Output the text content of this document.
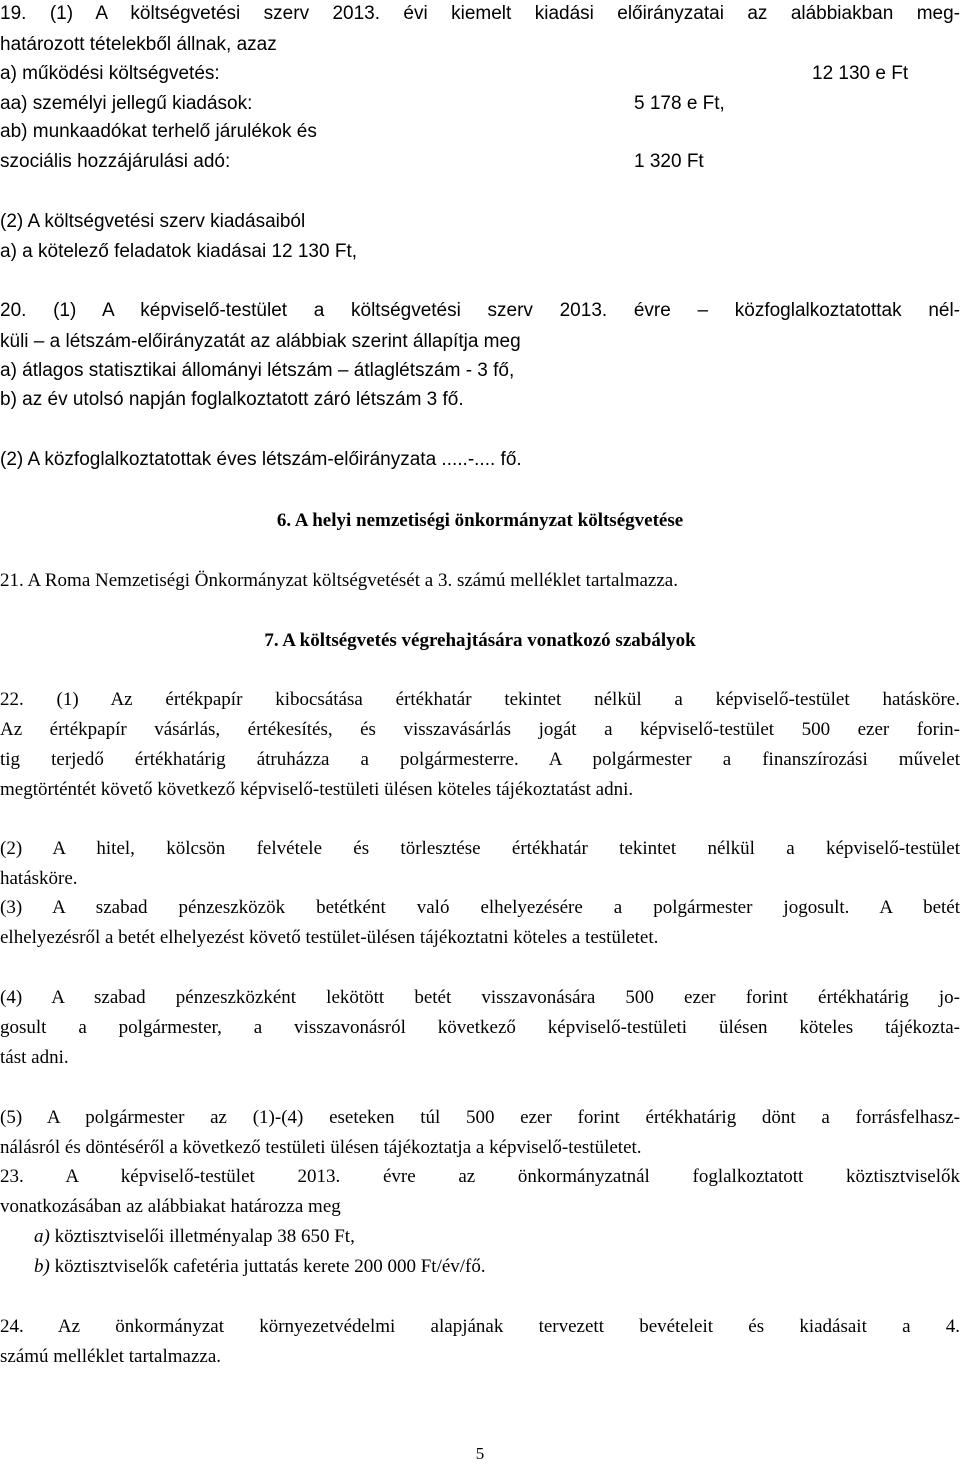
19. (1) A költségvetési szerv 2013. évi kiemelt kiadási előirányzatai az alábbiakban meg-
határozott tételekből állnak, azaz
a) működési költségvetés:	12 130 e Ft
aa) személyi jellegű kiadások:	5 178 e Ft,
ab) munkaadókat terhelő járulékok és
szociális hozzájárulási adó:	1 320 Ft
(2) A költségvetési szerv kiadásaiból
a) a kötelező feladatok kiadásai 12 130 Ft,
20. (1) A képviselő-testület a költségvetési szerv 2013. évre – közfoglalkoztatottak nél-
küli – a létszám-előirányzatát az alábbiak szerint állapítja meg
a) átlagos statisztikai állományi létszám – átlaglétszám - 3 fő,
b) az év utolsó napján foglalkoztatott záró létszám 3 fő.
(2) A közfoglalkoztatottak éves létszám-előirányzata .....-.... fő.
6. A helyi nemzetiségi önkormányzat költségvetése
21. A Roma Nemzetiségi Önkormányzat költségvetését a 3. számú melléklet tartalmazza.
7. A költségvetés végrehajtására vonatkozó szabályok
22. (1) Az értékpapír kibocsátása értékhatár tekintet nélkül a képviselő-testület hatásköre.
Az értékpapír vásárlás, értékesítés, és visszavásárlás jogát a képviselő-testület 500 ezer forin-
tig terjedő értékhatárig átruházza a polgármesterre. A polgármester a finanszírozási művelet
megtörténtét követő következő képviselő-testületi ülésen köteles tájékoztatást adni.
(2) A hitel, kölcsön felvétele és törlesztése értékhatár tekintet nélkül a képviselő-testület
hatásköre.
(3) A szabad pénzeszközök betétként való elhelyezésére a polgármester jogosult. A betét
elhelyezésről a betét elhelyezést követő testület-ülésen tájékoztatni köteles a testületet.
(4) A szabad pénzeszközként lekötött betét visszavonására 500 ezer forint értékhatárig jo-
gosult a polgármester, a visszavonásról következő képviselő-testületi ülésen köteles tájékozta-
tást adni.
(5) A polgármester az (1)-(4) eseteken túl 500 ezer forint értékhatárig dönt a forrásfelhasz-
nálásról és döntéséről a következő testületi ülésen tájékoztatja a képviselő-testületet.
23. A képviselő-testület 2013. évre az önkormányzatnál foglalkoztatott köztisztviselők
vonatkozásában az alábbiakat határozza meg
a) köztisztviselői illetményalap 38 650 Ft,
b) köztisztviselők cafetéria juttatás kerete 200 000 Ft/év/fő.
24. Az önkormányzat környezetvédelmi alapjának tervezett bevételeit és kiadásait a 4.
számú melléklet tartalmazza.
5
